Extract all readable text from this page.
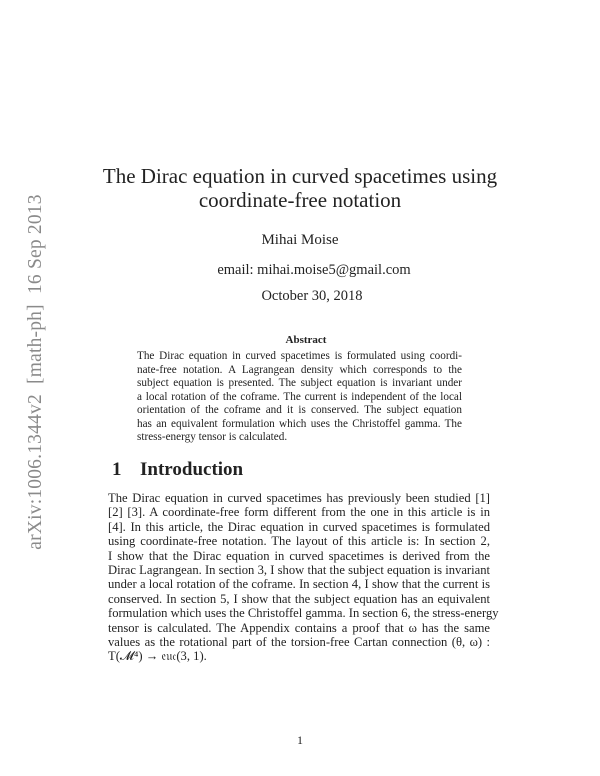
arXiv:1006.1344v2  [math-ph]  16 Sep 2013
The Dirac equation in curved spacetimes using
coordinate-free notation
Mihai Moise
email: mihai.moise5@gmail.com
October 30, 2018
Abstract
The Dirac equation in curved spacetimes is formulated using coordi-
nate-free notation. A Lagrangean density which corresponds to the
subject equation is presented. The subject equation is invariant under
a local rotation of the coframe. The current is independent of the local
orientation of the coframe and it is conserved. The subject equation
has an equivalent formulation which uses the Christoffel gamma. The
stress-energy tensor is calculated.
1 Introduction
The Dirac equation in curved spacetimes has previously been studied [1]
[2] [3]. A coordinate-free form different from the one in this article is in
[4]. In this article, the Dirac equation in curved spacetimes is formulated
using coordinate-free notation. The layout of this article is: In section 2,
I show that the Dirac equation in curved spacetimes is derived from the
Dirac Lagrangean. In section 3, I show that the subject equation is invariant
under a local rotation of the coframe. In section 4, I show that the current is
conserved. In section 5, I show that the subject equation has an equivalent
formulation which uses the Christoffel gamma. In section 6, the stress-energy
tensor is calculated. The Appendix contains a proof that ω has the same
values as the rotational part of the torsion-free Cartan connection (θ, ω) :
T(𝓜⁴) → 𝔢𝔲𝔠(3, 1).
1
